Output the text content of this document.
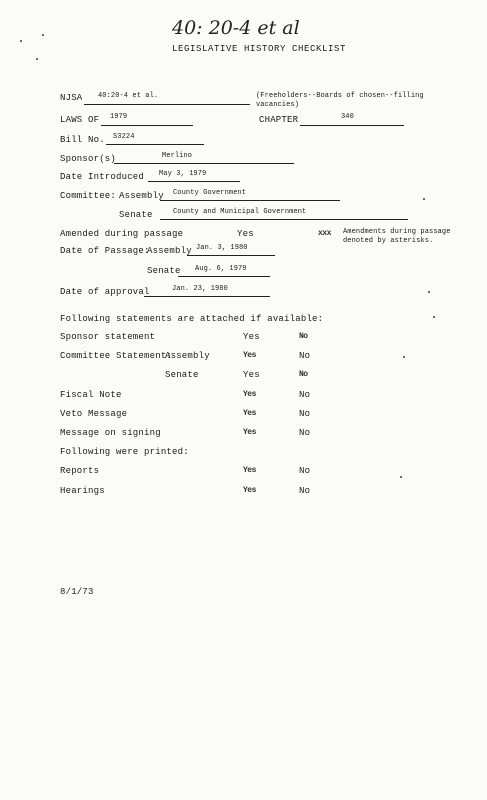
40: 20-4 et al
LEGISLATIVE HISTORY CHECKLIST
NJSA 40:20-4 et al.	(Freeholders--Boards of chosen--filling vacancies)
LAWS OF 1979	CHAPTER	340
Bill No. S3224
Sponsor(s)	Merlino
Date Introduced May 3, 1979
Committee: Assembly County Government
Senate	County and Municipal Government
Amended during passage	Yes	xxx Amendments during passage denoted by asterisks.
Date of Passage:
Assembly Jan. 3, 1980
Senate Aug. 6, 1979
Date of approval	Jan. 23, 1980
Following statements are attached if available:
Sponsor statement	Yes	No
Committee Statement:
Assembly	Yes	No
Senate	Yes	No
Fiscal Note	Yes	No
Veto Message	Yes	No
Message on signing	Yes	No
Following were printed:
Reports	Yes	No
Hearings	Yes	No
8/1/73
